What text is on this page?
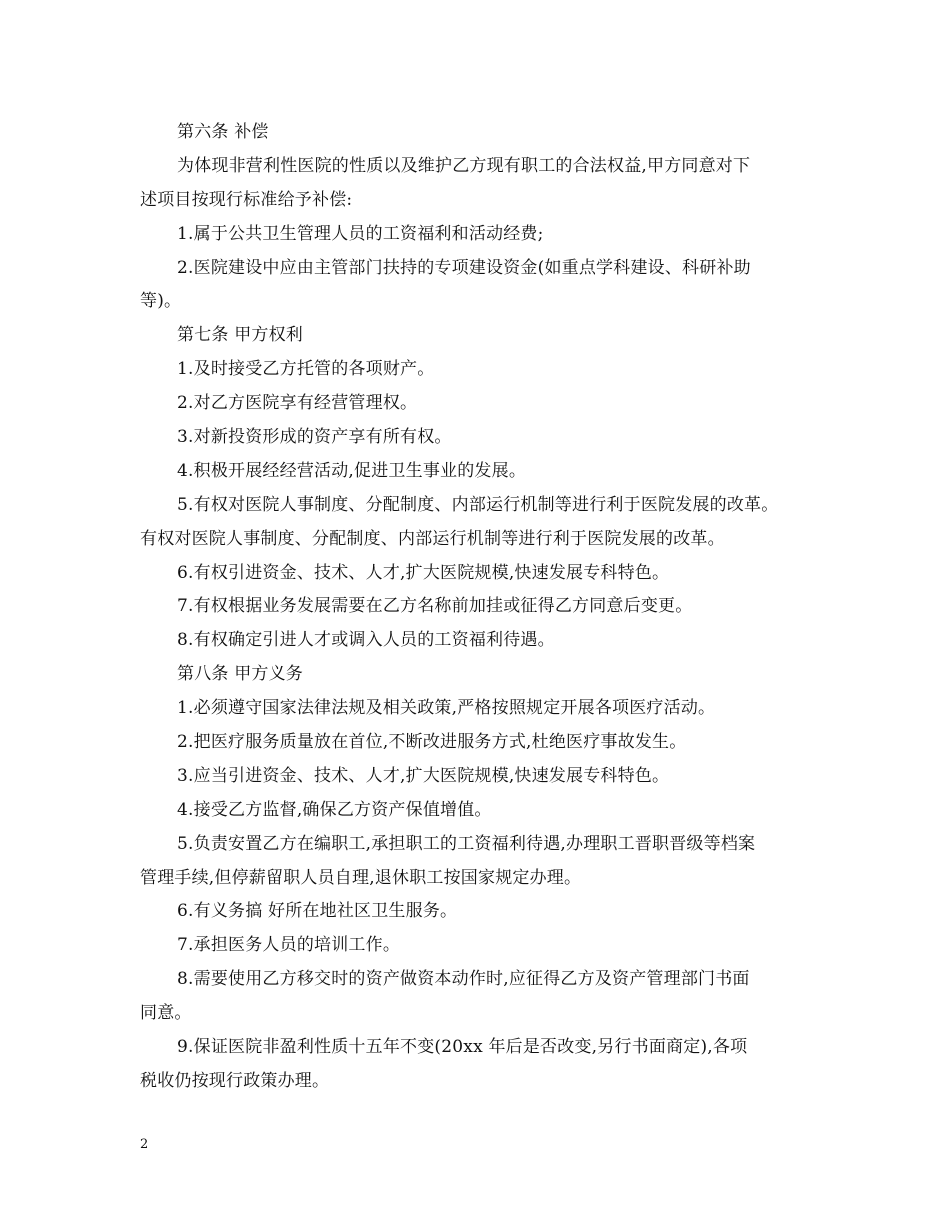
第六条 补偿
为体现非营利性医院的性质以及维护乙方现有职工的合法权益,甲方同意对下
述项目按现行标准给予补偿:
1.属于公共卫生管理人员的工资福利和活动经费;
2.医院建设中应由主管部门扶持的专项建设资金(如重点学科建设、科研补助
等)。
第七条 甲方权利
1.及时接受乙方托管的各项财产。
2.对乙方医院享有经营管理权。
3.对新投资形成的资产享有所有权。
4.积极开展经经营活动,促进卫生事业的发展。
5.有权对医院人事制度、分配制度、内部运行机制等进行利于医院发展的改革。
有权对医院人事制度、分配制度、内部运行机制等进行利于医院发展的改革。
6.有权引进资金、技术、人才,扩大医院规模,快速发展专科特色。
7.有权根据业务发展需要在乙方名称前加挂或征得乙方同意后变更。
8.有权确定引进人才或调入人员的工资福利待遇。
第八条 甲方义务
1.必须遵守国家法律法规及相关政策,严格按照规定开展各项医疗活动。
2.把医疗服务质量放在首位,不断改进服务方式,杜绝医疗事故发生。
3.应当引进资金、技术、人才,扩大医院规模,快速发展专科特色。
4.接受乙方监督,确保乙方资产保值增值。
5.负责安置乙方在编职工,承担职工的工资福利待遇,办理职工晋职晋级等档案
管理手续,但停薪留职人员自理,退休职工按国家规定办理。
6.有义务搞 好所在地社区卫生服务。
7.承担医务人员的培训工作。
8.需要使用乙方移交时的资产做资本动作时,应征得乙方及资产管理部门书面
同意。
9.保证医院非盈利性质十五年不变(20xx 年后是否改变,另行书面商定),各项
税收仍按现行政策办理。
2
